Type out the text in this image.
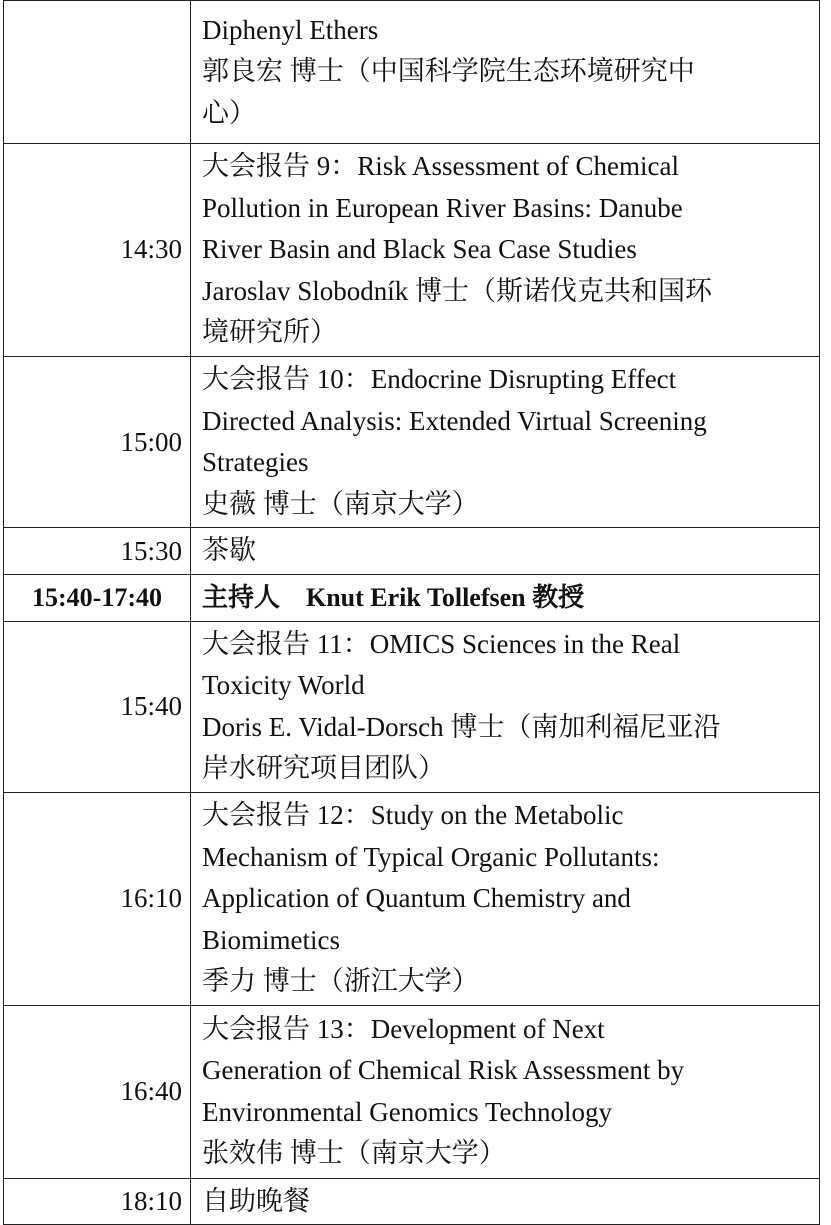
	Diphenyl Ethers
郭良宏 博士（中国科学院生态环境研究中
心）

14:30	大会报告 9：Risk Assessment of Chemical
Pollution in European River Basins: Danube
River Basin and Black Sea Case Studies
Jaroslav Slobodník 博士（斯诺伐克共和国环
境研究所）

15:00	大会报告 10：Endocrine Disrupting Effect
Directed Analysis: Extended Virtual Screening
Strategies
史薇 博士（南京大学）

15:30	茶歇

15:40-17:40	主持人　Knut Erik Tollefsen 教授

15:40	大会报告 11：OMICS Sciences in the Real
Toxicity World
Doris E. Vidal-Dorsch 博士（南加利福尼亚沿
岸水研究项目团队）

16:10	大会报告 12：Study on the Metabolic
Mechanism of Typical Organic Pollutants:
Application of Quantum Chemistry and
Biomimetics
季力 博士（浙江大学）

16:40	大会报告 13：Development of Next
Generation of Chemical Risk Assessment by
Environmental Genomics Technology
张效伟 博士（南京大学）

18:10	自助晚餐
